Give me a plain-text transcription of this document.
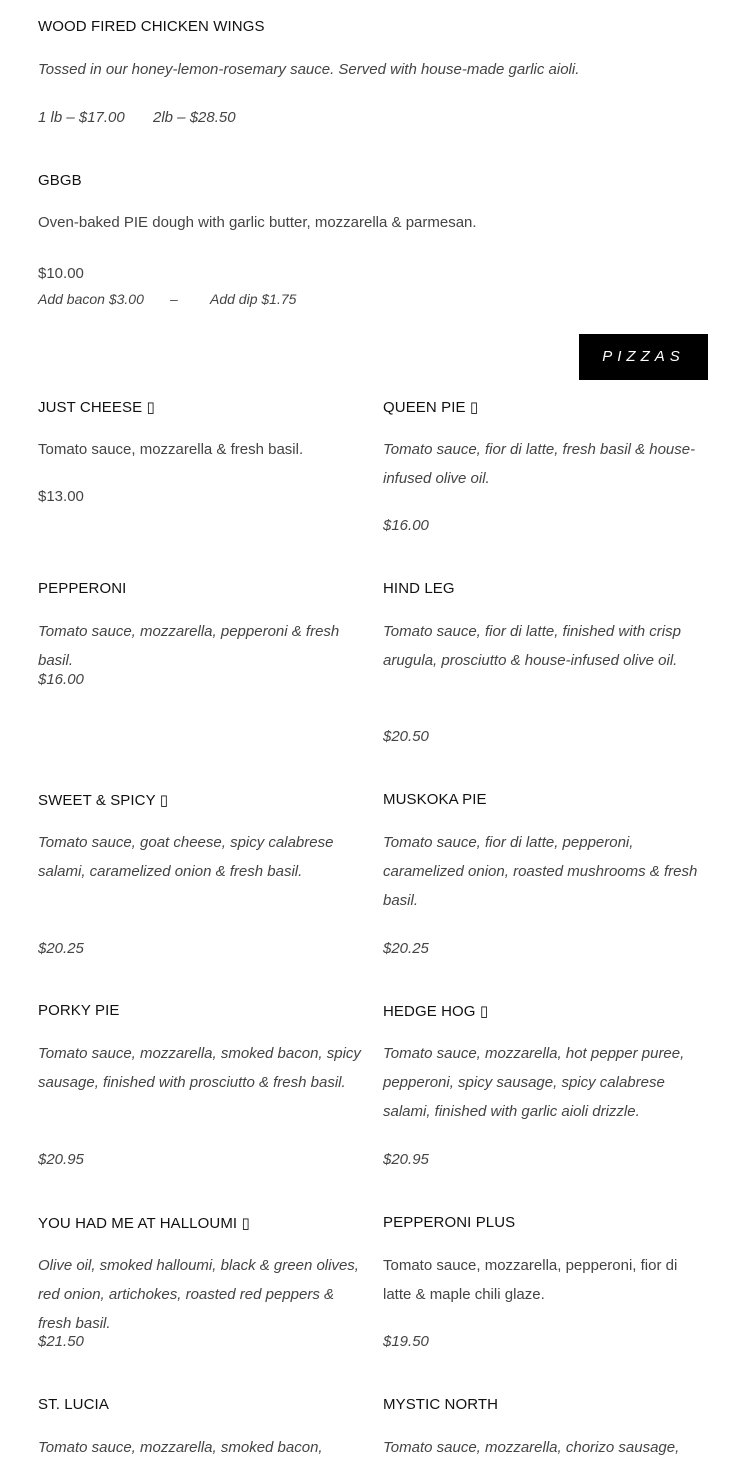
WOOD FIRED CHICKEN WINGS
Tossed in our honey-lemon-rosemary sauce. Served with house-made garlic aioli.
1 lb – $17.00 2lb – $28.50
GBGB
Oven-baked PIE dough with garlic butter, mozzarella & parmesan.
$10.00
Add bacon $3.00 – Add dip $1.75
PIZZAS
JUST CHEESE ▯
Tomato sauce, mozzarella & fresh basil.
$13.00
QUEEN PIE ▯
Tomato sauce, fior di latte, fresh basil & house-infused olive oil.
$16.00
PEPPERONI
Tomato sauce, mozzarella, pepperoni & fresh basil.
$16.00
HIND LEG
Tomato sauce, fior di latte, finished with crisp arugula, prosciutto & house-infused olive oil.
$20.50
SWEET & SPICY ▯
Tomato sauce, goat cheese, spicy calabrese salami, caramelized onion & fresh basil.
$20.25
MUSKOKA PIE
Tomato sauce, fior di latte, pepperoni, caramelized onion, roasted mushrooms & fresh basil.
$20.25
PORKY PIE
Tomato sauce, mozzarella, smoked bacon, spicy sausage, finished with prosciutto & fresh basil.
$20.95
HEDGE HOG ▯
Tomato sauce, mozzarella, hot pepper puree, pepperoni, spicy sausage, spicy calabrese salami, finished with garlic aioli drizzle.
$20.95
YOU HAD ME AT HALLOUMI ▯
Olive oil, smoked halloumi, black & green olives, red onion, artichokes, roasted red peppers & fresh basil.
$21.50
PEPPERONI PLUS
Tomato sauce, mozzarella, pepperoni, fior di latte & maple chili glaze.
$19.50
ST. LUCIA
Tomato sauce, mozzarella, smoked bacon,
MYSTIC NORTH
Tomato sauce, mozzarella, chorizo sausage,
